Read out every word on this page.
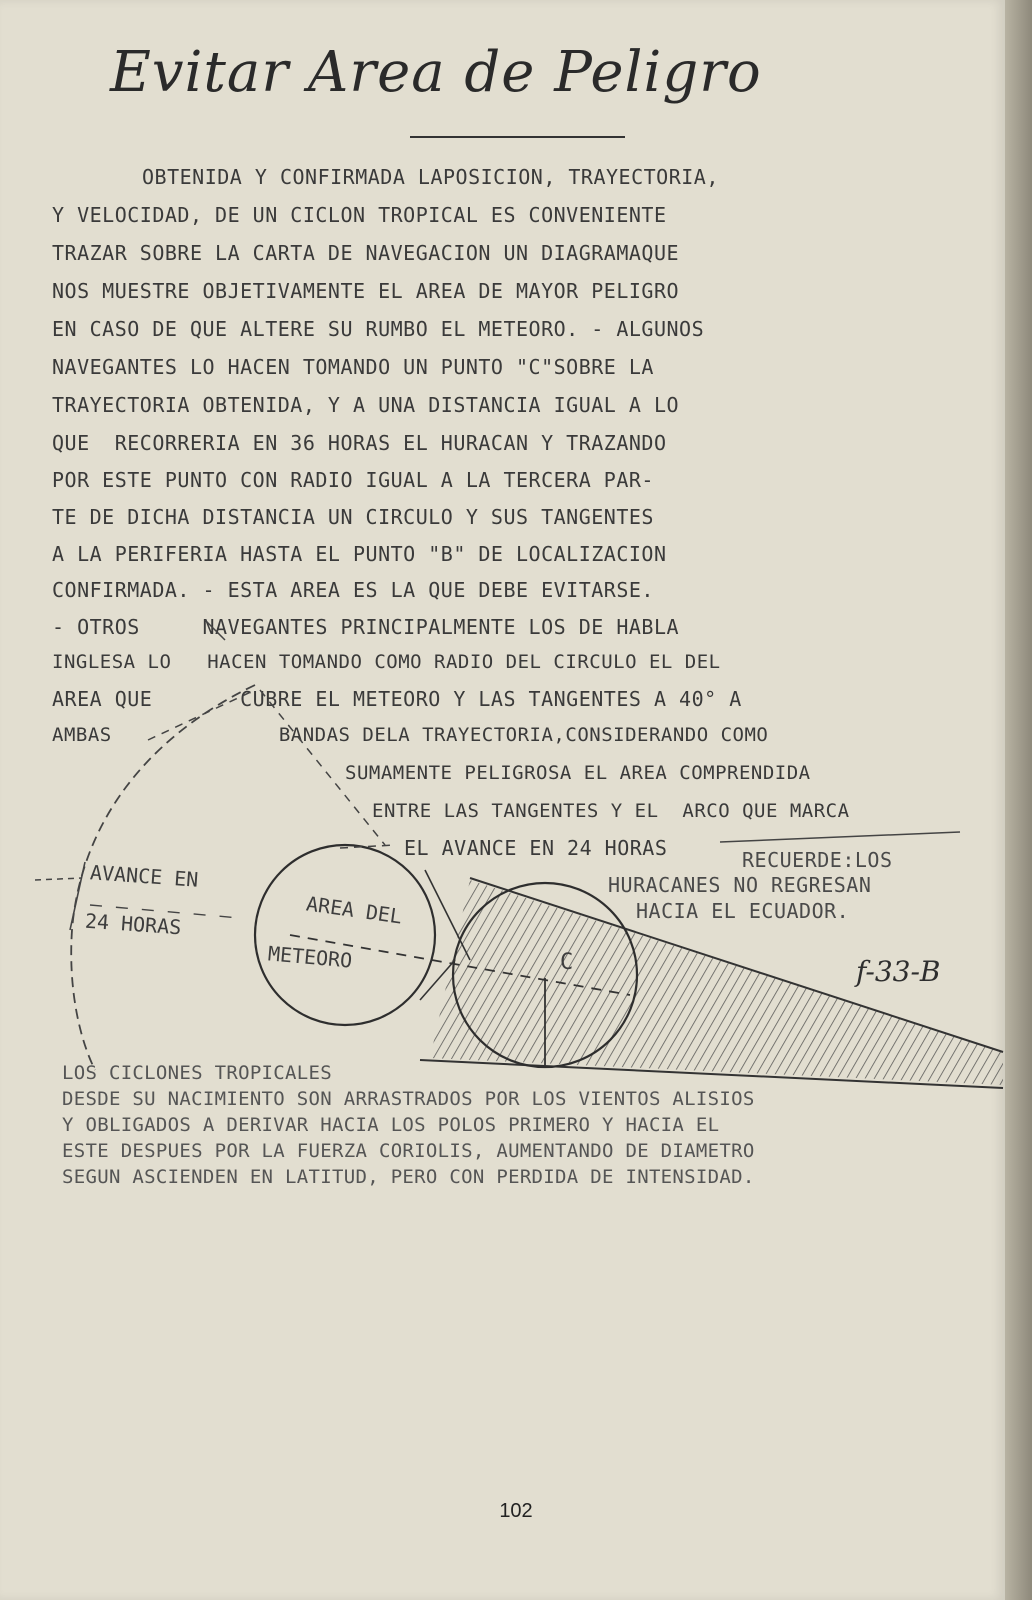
Evitar Area de Peligro
OBTENIDA Y CONFIRMADA LAPOSICION, TRAYECTORIA,
Y VELOCIDAD, DE UN CICLON TROPICAL ES CONVENIENTE
TRAZAR SOBRE LA CARTA DE NAVEGACION UN DIAGRAMAQUE
NOS MUESTRE OBJETIVAMENTE EL AREA DE MAYOR PELIGRO
EN CASO DE QUE ALTERE SU RUMBO EL METEORO. - ALGUNOS
NAVEGANTES LO HACEN TOMANDO UN PUNTO "C"SOBRE LA
TRAYECTORIA OBTENIDA, Y A UNA DISTANCIA IGUAL A LO
QUE  RECORRERIA EN 36 HORAS EL HURACAN Y TRAZANDO
POR ESTE PUNTO CON RADIO IGUAL A LA TERCERA PAR-
TE DE DICHA DISTANCIA UN CIRCULO Y SUS TANGENTES
A LA PERIFERIA HASTA EL PUNTO "B" DE LOCALIZACION
CONFIRMADA. - ESTA AREA ES LA QUE DEBE EVITARSE.
- OTROS     NAVEGANTES PRINCIPALMENTE LOS DE HABLA
INGLESA LO   HACEN TOMANDO COMO RADIO DEL CIRCULO EL DEL
AREA QUE       CUBRE EL METEORO Y LAS TANGENTES A 40° A
AMBAS              BANDAS DELA TRAYECTORIA,CONSIDERANDO COMO
SUMAMENTE PELIGROSA EL AREA COMPRENDIDA
ENTRE LAS TANGENTES Y EL  ARCO QUE MARCA
EL AVANCE EN 24 HORAS	RECUERDE:LOS
HURACANES NO REGRESAN
HACIA EL ECUADOR.
AVANCE EN
24 HORAS	AREA DEL
METEORO	C	f-33-B
LOS CICLONES TROPICALES
DESDE SU NACIMIENTO SON ARRASTRADOS POR LOS VIENTOS ALISIOS
Y OBLIGADOS A DERIVAR HACIA LOS POLOS PRIMERO Y HACIA EL
ESTE DESPUES POR LA FUERZA CORIOLIS, AUMENTANDO DE DIAMETRO
SEGUN ASCIENDEN EN LATITUD, PERO CON PERDIDA DE INTENSIDAD.
102
